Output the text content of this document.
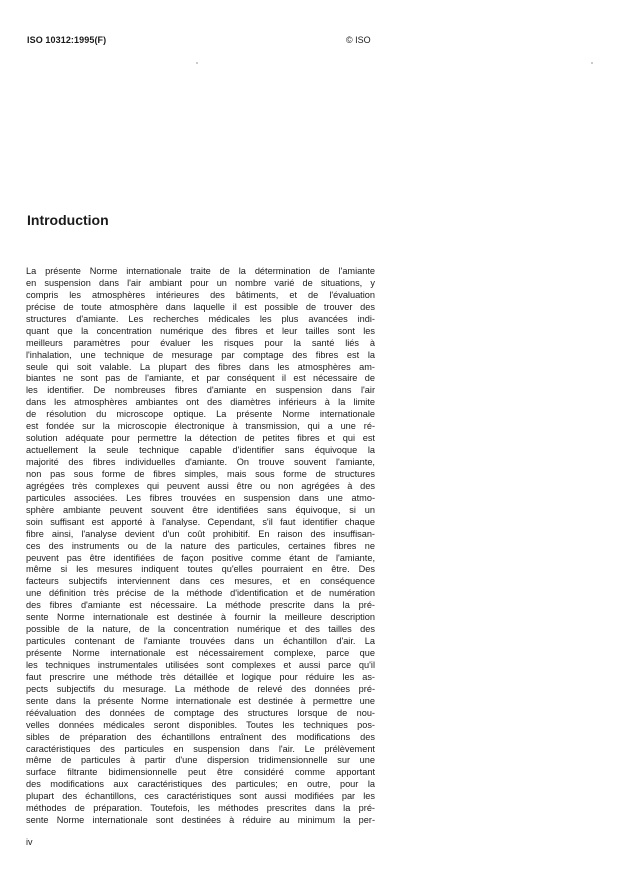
ISO 10312:1995(F)	© ISO
Introduction
La présente Norme internationale traite de la détermination de l'amiante
en suspension dans l'air ambiant pour un nombre varié de situations, y
compris les atmosphères intérieures des bâtiments, et de l'évaluation
précise de toute atmosphère dans laquelle il est possible de trouver des
structures d'amiante. Les recherches médicales les plus avancées indi-
quant que la concentration numérique des fibres et leur tailles sont les
meilleurs paramètres pour évaluer les risques pour la santé liés à
l'inhalation, une technique de mesurage par comptage des fibres est la
seule qui soit valable. La plupart des fibres dans les atmosphères am-
biantes ne sont pas de l'amiante, et par conséquent il est nécessaire de
les identifier. De nombreuses fibres d'amiante en suspension dans l'air
dans les atmosphères ambiantes ont des diamètres inférieurs à la limite
de résolution du microscope optique. La présente Norme internationale
est fondée sur la microscopie électronique à transmission, qui a une ré-
solution adéquate pour permettre la détection de petites fibres et qui est
actuellement la seule technique capable d'identifier sans équivoque la
majorité des fibres individuelles d'amiante. On trouve souvent l'amiante,
non pas sous forme de fibres simples, mais sous forme de structures
agrégées très complexes qui peuvent aussi être ou non agrégées à des
particules associées. Les fibres trouvées en suspension dans une atmo-
sphère ambiante peuvent souvent être identifiées sans équivoque, si un
soin suffisant est apporté à l'analyse. Cependant, s'il faut identifier chaque
fibre ainsi, l'analyse devient d'un coût prohibitif. En raison des insuffisan-
ces des instruments ou de la nature des particules, certaines fibres ne
peuvent pas être identifiées de façon positive comme étant de l'amiante,
même si les mesures indiquent toutes qu'elles pourraient en être. Des
facteurs subjectifs interviennent dans ces mesures, et en conséquence
une définition très précise de la méthode d'identification et de numération
des fibres d'amiante est nécessaire. La méthode prescrite dans la pré-
sente Norme internationale est destinée à fournir la meilleure description
possible de la nature, de la concentration numérique et des tailles des
particules contenant de l'amiante trouvées dans un échantillon d'air. La
présente Norme internationale est nécessairement complexe, parce que
les techniques instrumentales utilisées sont complexes et aussi parce qu'il
faut prescrire une méthode très détaillée et logique pour réduire les as-
pects subjectifs du mesurage. La méthode de relevé des données pré-
sente dans la présente Norme internationale est destinée à permettre une
réévaluation des données de comptage des structures lorsque de nou-
velles données médicales seront disponibles. Toutes les techniques pos-
sibles de préparation des échantillons entraînent des modifications des
caractéristiques des particules en suspension dans l'air. Le prélèvement
même de particules à partir d'une dispersion tridimensionnelle sur une
surface filtrante bidimensionnelle peut être considéré comme apportant
des modifications aux caractéristiques des particules; en outre, pour la
plupart des échantillons, ces caractéristiques sont aussi modifiées par les
méthodes de préparation. Toutefois, les méthodes prescrites dans la pré-
sente Norme internationale sont destinées à réduire au minimum la per-
iv
